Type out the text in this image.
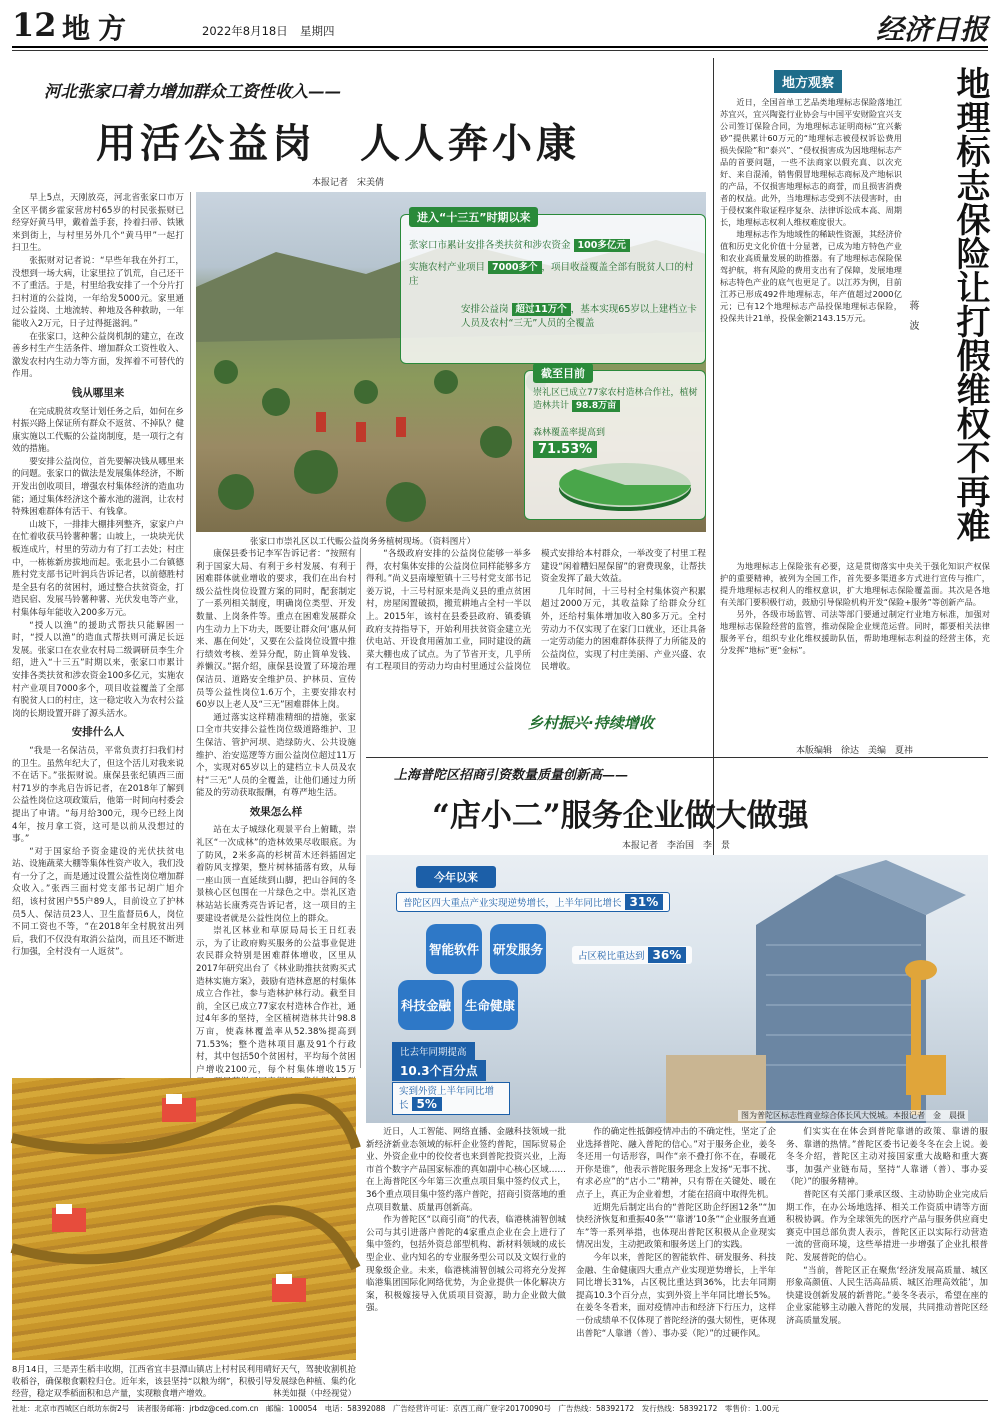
12 地方	2022年8月18日 星期四	经济日报
河北张家口着力增加群众工资性收入——
用活公益岗　人人奔小康
本报记者　宋美倩

早上5点，天刚放亮，河北省张家口市万全区平儒乡霍家营房村65岁的村民张振财已经穿好黄马甲，戴着盖手套，拎着扫帚、铁锹来到街上，与村里另外几个“黄马甲”一起打扫卫生。

张振财对记者说：“早些年我在外打工，没想到一场大病，让家里拉了饥荒，自己还干不了重活。于是，村里给我安排了一个分片打扫村道的公益岗，一年给发5000元。家里通过公益岗、土地流转、种地及各种救助，一年能收入2万元，日子过得挺滋润。”

在张家口，这种公益岗机制的建立，在改善乡村生产生活条件、增加群众工资性收入、激发农村内生动力等方面，发挥着不可替代的作用。

钱从哪里来

在完成脱贫攻坚计划任务之后，如何在乡村振兴路上保证所有群众不返贫、不掉队？健康实施以工代赈的公益岗制度，是一项行之有效的措施。

要安排公益岗位，首先要解决钱从哪里来的问题。张家口的做法是发展集体经济，不断开发出创收项目，增强农村集体经济的造血功能；通过集体经济这个蓄水池的滋润，让农村特殊困难群体有活干、有钱拿。

山坡下，一排排大棚排列整齐，家家户户在忙着收获马铃薯种薯；山坡上，一块块光伏板连成片，村里的劳动力有了打工去处；村庄中，一栋栋新房拔地而起。张北县小二台镇德胜村党支部书记叶润兵告诉记者，以前德胜村是全县有名的贫困村，通过整合扶贫资金，打造民宿、发展马铃薯种薯、光伏发电等产业，村集体每年能收入200多万元。

“授人以渔”的援助式帮扶只能解困一时，“授人以渔”的造血式帮扶则可满足长远发展。张家口在农业农村局二级调研员李生介绍，进入“十三五”时期以来，张家口市累计安排各类扶贫和涉农资金100多亿元，实施农村产业项目7000多个，项目收益覆盖了全部有脱贫人口的村庄，这一稳定收入为农村公益岗的长期设置开辟了源头活水。

安排什么人

“我是一名保洁员，平常负责打扫我们村的卫生。虽然年纪大了，但这个活儿对我来说不在话下。”张振财说。康保县张纪镇西三面村71岁的李兆启告诉记者，在2018年了解到公益性岗位这项政策后，他第一时间向村委会提出了申请。“每月给300元，现今已经上岗4年，按月拿工资，这可是以前从没想过的事。”

“对于国家给予资金建设的光伏扶贫电站、设施蔬菜大棚等集体性资产收入，我们没有一分了之，而是通过设置公益性岗位增加群众收入。”张西三面村党支部书记胡广旭介绍，该村贫困户55户89人，目前设立了护林员5人、保洁员23人、卫生监督员6人，岗位不同工资也不等，“在2018年全村脱贫出列后，我们不仅没有取消公益岗，而且还不断进行加强，全村没有一人返贫”。

张家口市崇礼区以工代赈公益岗务务植树现场。（资料图片）
进入“十三五”时期以来
张家口市累计安排各类扶贫和涉农资金 100多亿元
实施农村产业项目 7000多个 ，项目收益覆盖全部有脱贫人口的村庄
安排公益岗 超过11万个 ，基本实现65岁以上建档立卡人员及农村“三无”人员的全覆盖
截至目前
崇礼区已成立77家农村造林合作社，植树造林共计 98.8万亩
森林覆盖率提高到
71.53%

康保县委书记李军告诉记者：“按照有利于国家大局、有利于乡村发展、有利于困难群体就业增收的要求，我们在出台村级公益性岗位设置方案的同时，配套制定了一系列相关制度，明确岗位类型、开发数量、上岗条件等。重点在困难发展群众内生动力上下功夫，既要让群众问‘惠从何来、惠在何处’，又要在公益岗位设置中推行绩效考核、差异分配，防止简单发钱、养懒汉。”据介绍，康保县设置了环境治理保洁员、道路安全维护员、护林员、宣传员等公益性岗位1.6万个，主要安排农村60岁以上老人及“三无”困难群体上岗。

通过落实这样精准精细的措施，张家口全市共安排公益性岗位级道路维护、卫生保洁、管护河坝、造绿防火、公共设施维护、治安巡逻等方面公益岗位超过11万个，实现对65岁以上的建档立卡人员及农村“三无”人员的全覆盖，让他们通过力所能及的劳动获取报酬，有尊严地生活。

效果怎么样

站在太子城绿化观景平台上俯瞰，崇礼区“一次成林”的造林效果尽收眼底。为了防风，2米多高的杉树苗木还斜插固定着防风支撑架，整片树林插落有致，从每一座山顶一直延续到山脚，把山谷间的冬景核心区包围在一片绿色之中。崇礼区造林站站长康秀亮告诉记者，这一项目的主要建设者就是公益性岗位上的群众。

崇礼区林业和草原局局长王日红表示，为了让政府购买服务的公益事业促进农民群众特别是困难群体增收，区里从2017年研究出台了《林业助推扶贫购买式造林实施方案》，鼓励有造林意愿的村集体成立合作社，参与造林护林行动。截至目前，全区已成立77家农村造林合作社，通过4年多的坚持，全区植树造林共计98.8万亩，使森林覆盖率从52.38%提高到71.53%；整个造林项目惠及91个行政村，其中包括50个贫困村，平均每个贫困户增收2100元，每个村集体增收15万

“各级政府安排的公益岗位能够一举多得，农村集体安排的公益岗位同样能够多方得利。”尚义县南壕堑镇十三号村党支部书记姜万说，十三号村原来是尚义县的重点贫困村，房屋闲置破损，搬荒耕地占全村一半以上。2015年，该村在县委县政府、镇委镇政府支持指导下，开始利用扶贫资金建立光伏电站、开设食用菌加工业，同时建设的蔬菜大棚也成了试点。为了节省开支，几乎所有工程项目的劳动力均由村里通过公益岗位模式安排给本村群众，一举改变了村里工程建设“闲着糟妇屋保留”的窘费现象，让帮扶资金发挥了最大效益。

几年时间，十三号村全村集体资产积累超过2000万元，其收益除了给群众分红外，还给村集体增加收入80多万元。全村劳动力不仅实现了在家门口就业，还让具备一定劳动能力的困难群体获得了力所能及的公益岗位，实现了村庄美丽、产业兴盛、农民增收。

乡村振兴·持续增收
地方观察	地理标志保险让打假维权不再难
蒋　波

近日，全国首单工艺品类地理标志保险落地江苏宜兴，宜兴陶瓷行业协会与中国平安财险宜兴支公司签订保险合同，为地理标志证明商标“宜兴紫砂”提供累计60万元的“地理标志被侵权诉讼费用损失保险”和“泰兴”、“侵权损害成为因地理标志产品的首要问题，一些不法商家以假充真、以次充好、来自混淆，销售假冒地理标志商标及产地标识的产品，不仅损害地理标志的商誉，而且损害消费者的权益。此外，当地理标志受到不法侵害时，由于侵权案件取证程序复杂、法律诉讼成本高、周期长，地理标志权利人维权难度很大。

地理标志作为地域性的稀缺性资源，其经济价值和历史文化价值十分显著，已成为地方特色产业和农业高质量发展的助推器。有了地理标志保险保驾护航，将有风险的费用支出有了保障，发展地理标志特色产业的底气也更足了。以江苏为例，目前江苏已形成492件地理标志，年产值超过2000亿元；已有12个地理标志产品投保地理标志保险，投保共计21单，投保金额2143.15万元。

为地理标志上保险张有必要，这是贯彻落实中央关于强化知识产权保护的重要精神，被列为全国工作，首先要多渠道多方式进行宣传与推广，提升地理标志权利人的维权意识，扩大地理标志保险覆盖面。其次是各地有关部门要积极行动，鼓励引导保险机构开发“保险+服务”等创新产品。

另外，各级市场监管、司法等部门要通过制定行业地方标准，加强对地理标志保险经营的监管，推动保险企业规范运营。同时，都要相关法律服务平台，组织专业化维权援助队伍，帮助地理标志利益的经营主体，充分发挥“地标”更“金标”。

本版编辑　徐达　美编　夏祎
上海普陀区招商引资数量质量创新高——
“店小二”服务企业做大做强
本报记者　李治国　李　景
图为普陀区标志性商业综合体长风大悦城。本报记者　金　晨摄
今年以来
普陀区四大重点产业实现逆势增长，上半年同比增长 31%
智能软件 研发服务
科技金融 生命健康
占区税比重达到 36%
比去年同期提高
10.3个百分点
实到外资上半年同比增长 5%

近日，人工智能、网络直播、金融科技领域一批新经济新业态领域的标杆企业签约普陀，国际贸易企业、外资企业中的佼佼者也来到普陀投资兴业，上海市首个数字产品国家标准的真如副中心核心区域……在上海普陀区今年第三次重点项目集中签约仪式上，36个重点项目集中签约落户普陀，招商引资落地的重点项目数量、质量再创新高。

作为普陀区“以商引商”的代表，临港桃浦智创城公司与其引进落户普陀的4家重点企业在会上进行了集中签约，包括外资总部型机构、新材料领域的成长型企业、业内知名的专业服务型公司以及文娱行业的现象级企业。未来，临港桃浦智创城公司将充分发挥临港集团国际化网络优势，为企业提供一体化解决方案，积极嫁接导入优质项目资源，助力企业做大做强。

作的确定性抵御疫情冲击的不确定性，坚定了企业选择普陀、融入普陀的信心。”对于服务企业，姜冬冬还用一句话形容，叫作“亲不叠打你不在，春暖花开你是谁”，他表示普陀服务理念上发扬“无事不扰、有求必应”的“店小二”精神，只有帮在关键处、暖在点子上，真正为企业着想，才能在招商中取得先机。

近期先后制定出台的“普陀区助企纾困12条”“加快经济恢复和重振40条”“‘靠谱’10条”“企业服务直通车”等一系列举措，也体现出普陀区积极从企业现实情况出发，主动把政策和服务送上门的实践。

今年以来，普陀区的智能软件、研发服务、科技金融、生命健康四大重点产业实现逆势增长，上半年同比增长31%，占区税比重达到36%，比去年同期提高10.3个百分点，实到外资上半年同比增长5%。在姜冬冬看来，面对疫情冲击和经济下行压力，这样一份成绩单不仅体现了普陀经济的强大韧性，更体现出普陀“人靠谱（普）、事办妥（陀）”的过硬作风。

们实实在在体会到普陀靠谱的政策、靠谱的服务、靠谱的热情。”普陀区委书记姜冬冬在会上说。姜冬冬介绍，普陀区主动对接国家重大战略和重大赛事，加强产业链布局，坚持“人靠谱（普）、事办妥（陀）”的服务精神。

普陀区有关部门秉承区级、主动协助企业完成后期工作，在办公场地选择、相关工作资质申请等方面积极协调。作为全球领先的医疗产品与服务供应商史赛克中国总部负责人表示，普陀区正以实际行动营造一流的营商环境，这些举措进一步增强了企业扎根普陀、发展普陀的信心。

“当前，普陀区正在聚焦‘经济发展高质量、城区形象高颜值、人民生活高品质、城区治理高效能’，加快建设创新发展的新普陀。”姜冬冬表示，希望在座的企业家能够主动融入普陀的发展，共同推动普陀区经济高质量发展。

8月14日，三是弄生稻丰收期，江西省宜丰县潭山镇店上村村民利用晴好天气，驾驶收割机抢收稻谷，确保粮食颗粒归仓。近年来，该县坚持“以粮为纲”，积极引导发展绿色种植、集约化经营，稳定双季稻面积和总产量，实现粮食增产增效。	林美如摄（中经视觉）
社址：北京市西城区白纸坊东街2号　读者服务邮箱：jrbdz@ced.com.cn　邮编：100054　电话：58392088　广告经营许可证：京西工商广登字20170090号　广告热线：58392172　发行热线：58392172　零售价：1.00元
